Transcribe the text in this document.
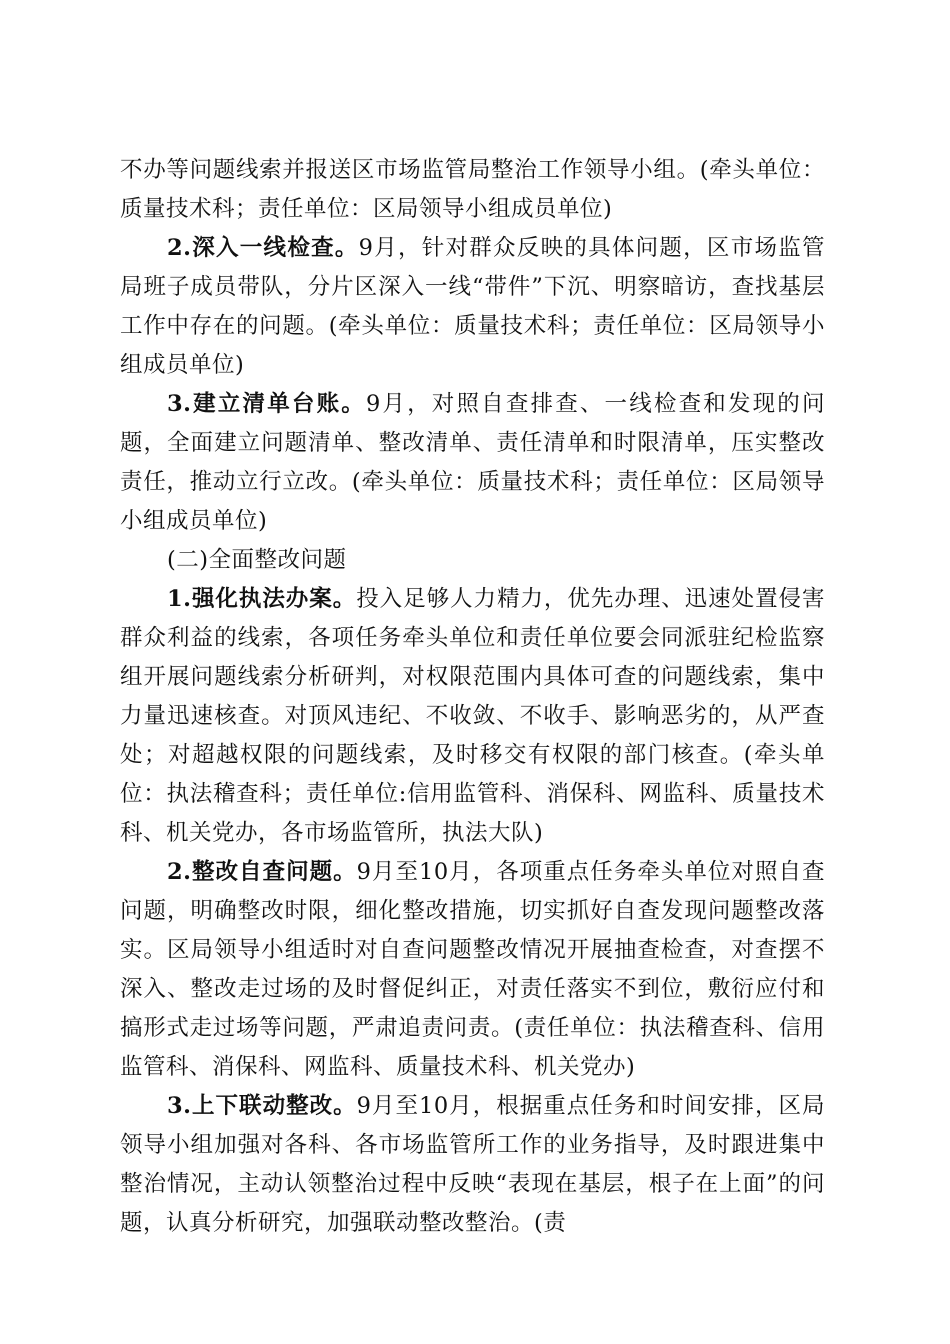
不办等问题线索并报送区市场监管局整治工作领导小组。(牵头单位：质量技术科；责任单位：区局领导小组成员单位)

2.深入一线检查。9月，针对群众反映的具体问题，区市场监管局班子成员带队，分片区深入一线“带件”下沉、明察暗访，查找基层工作中存在的问题。(牵头单位：质量技术科；责任单位：区局领导小组成员单位)

3.建立清单台账。9月，对照自查排查、一线检查和发现的问题，全面建立问题清单、整改清单、责任清单和时限清单，压实整改责任，推动立行立改。(牵头单位：质量技术科；责任单位：区局领导小组成员单位)

(二)全面整改问题

1.强化执法办案。投入足够人力精力，优先办理、迅速处置侵害群众利益的线索，各项任务牵头单位和责任单位要会同派驻纪检监察组开展问题线索分析研判，对权限范围内具体可查的问题线索，集中力量迅速核查。对顶风违纪、不收敛、不收手、影响恶劣的，从严查处；对超越权限的问题线索，及时移交有权限的部门核查。(牵头单位：执法稽查科；责任单位:信用监管科、消保科、网监科、质量技术科、机关党办，各市场监管所，执法大队)

2.整改自查问题。9月至10月，各项重点任务牵头单位对照自查问题，明确整改时限，细化整改措施，切实抓好自查发现问题整改落实。区局领导小组适时对自查问题整改情况开展抽查检查，对查摆不深入、整改走过场的及时督促纠正，对责任落实不到位，敷衍应付和搞形式走过场等问题，严肃追责问责。(责任单位：执法稽查科、信用监管科、消保科、网监科、质量技术科、机关党办)

3.上下联动整改。9月至10月，根据重点任务和时间安排，区局领导小组加强对各科、各市场监管所工作的业务指导，及时跟进集中整治情况，主动认领整治过程中反映“表现在基层，根子在上面”的问题，认真分析研究，加强联动整改整治。(责
